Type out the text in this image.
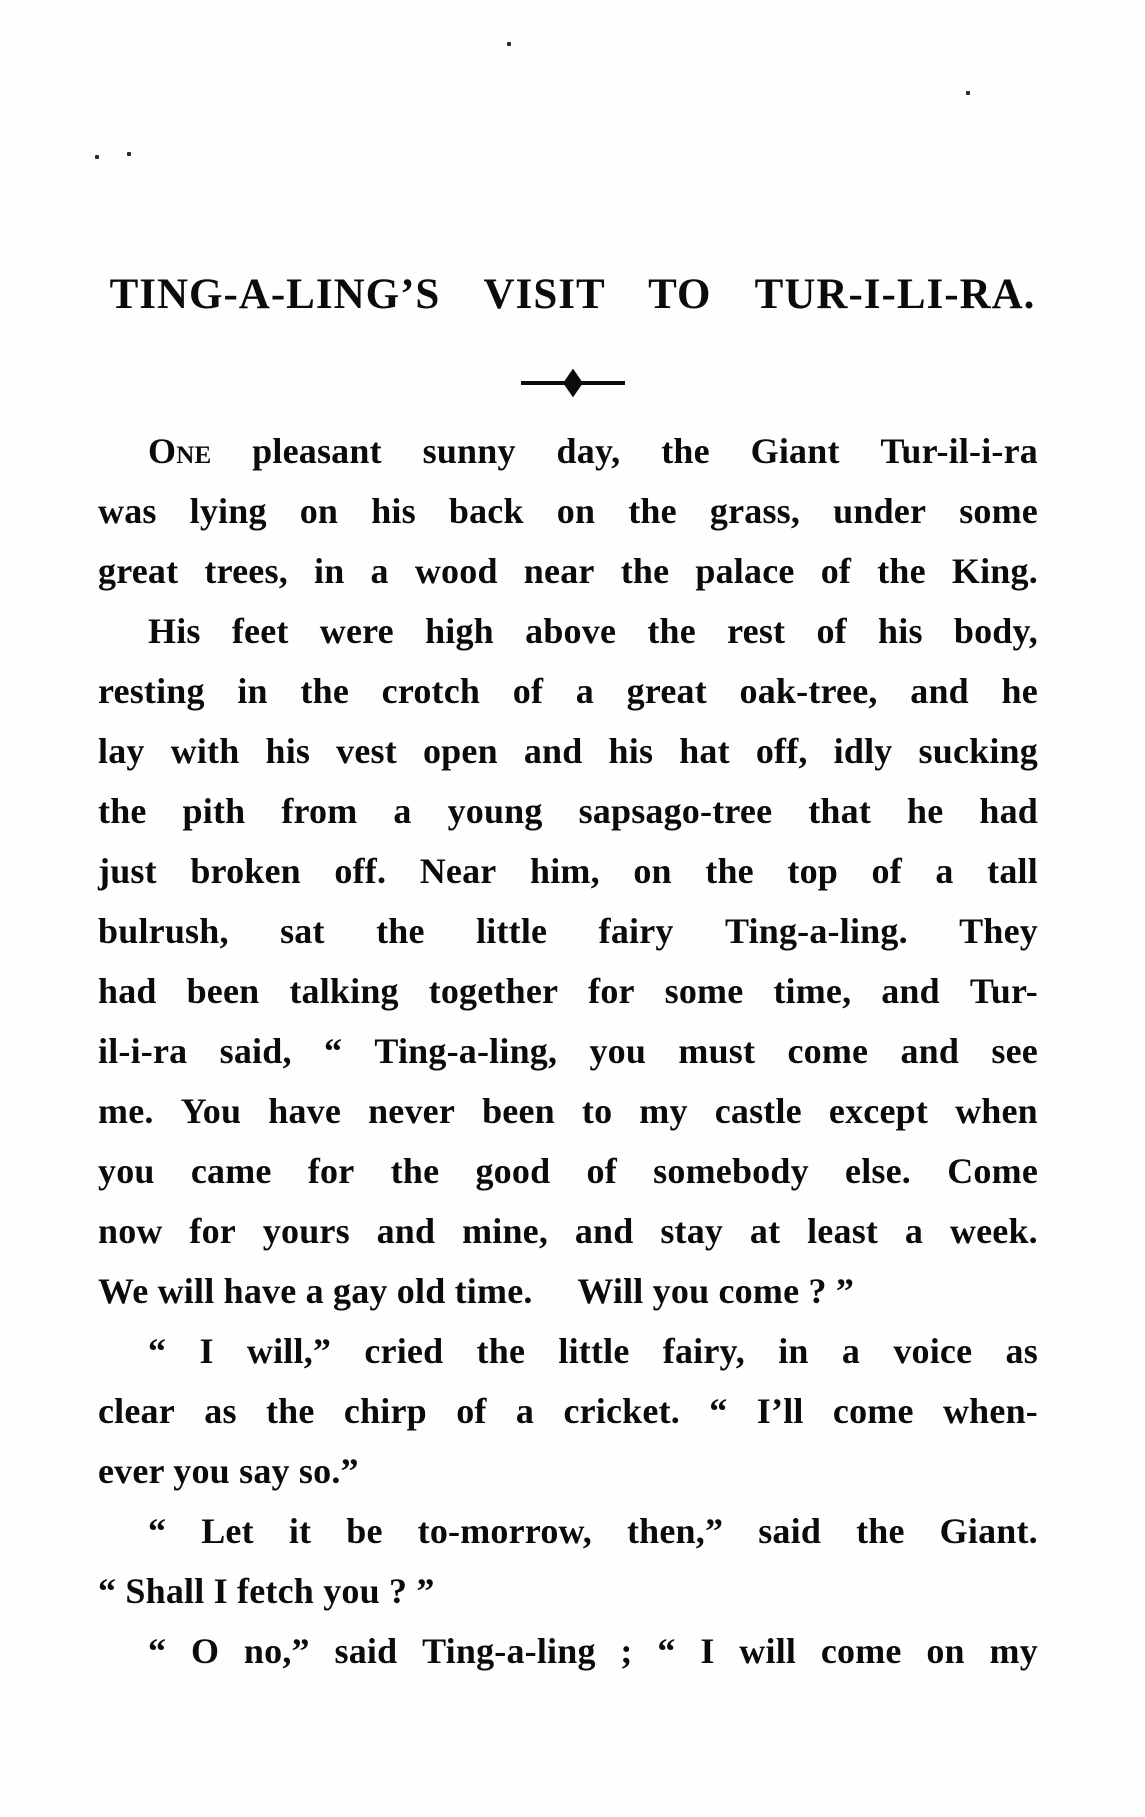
TING-A-LING’S VISIT TO TUR-I-LI-RA.
One pleasant sunny day, the Giant Tur-il-i-ra
was lying on his back on the grass, under some
great trees, in a wood near the palace of the King.
His feet were high above the rest of his body,
resting in the crotch of a great oak-tree, and he
lay with his vest open and his hat off, idly sucking
the pith from a young sapsago-tree that he had
just broken off. Near him, on the top of a tall
bulrush, sat the little fairy Ting-a-ling. They
had been talking together for some time, and Tur-
il-i-ra said, “ Ting-a-ling, you must come and see
me. You have never been to my castle except when
you came for the good of somebody else. Come
now for yours and mine, and stay at least a week.
We will have a gay old time.  Will you come ? ”
“ I will,” cried the little fairy, in a voice as
clear as the chirp of a cricket. “ I’ll come when-
ever you say so.”
“ Let it be to-morrow, then,” said the Giant.
“ Shall I fetch you ? ”
“ O no,” said Ting-a-ling ; “ I will come on my
